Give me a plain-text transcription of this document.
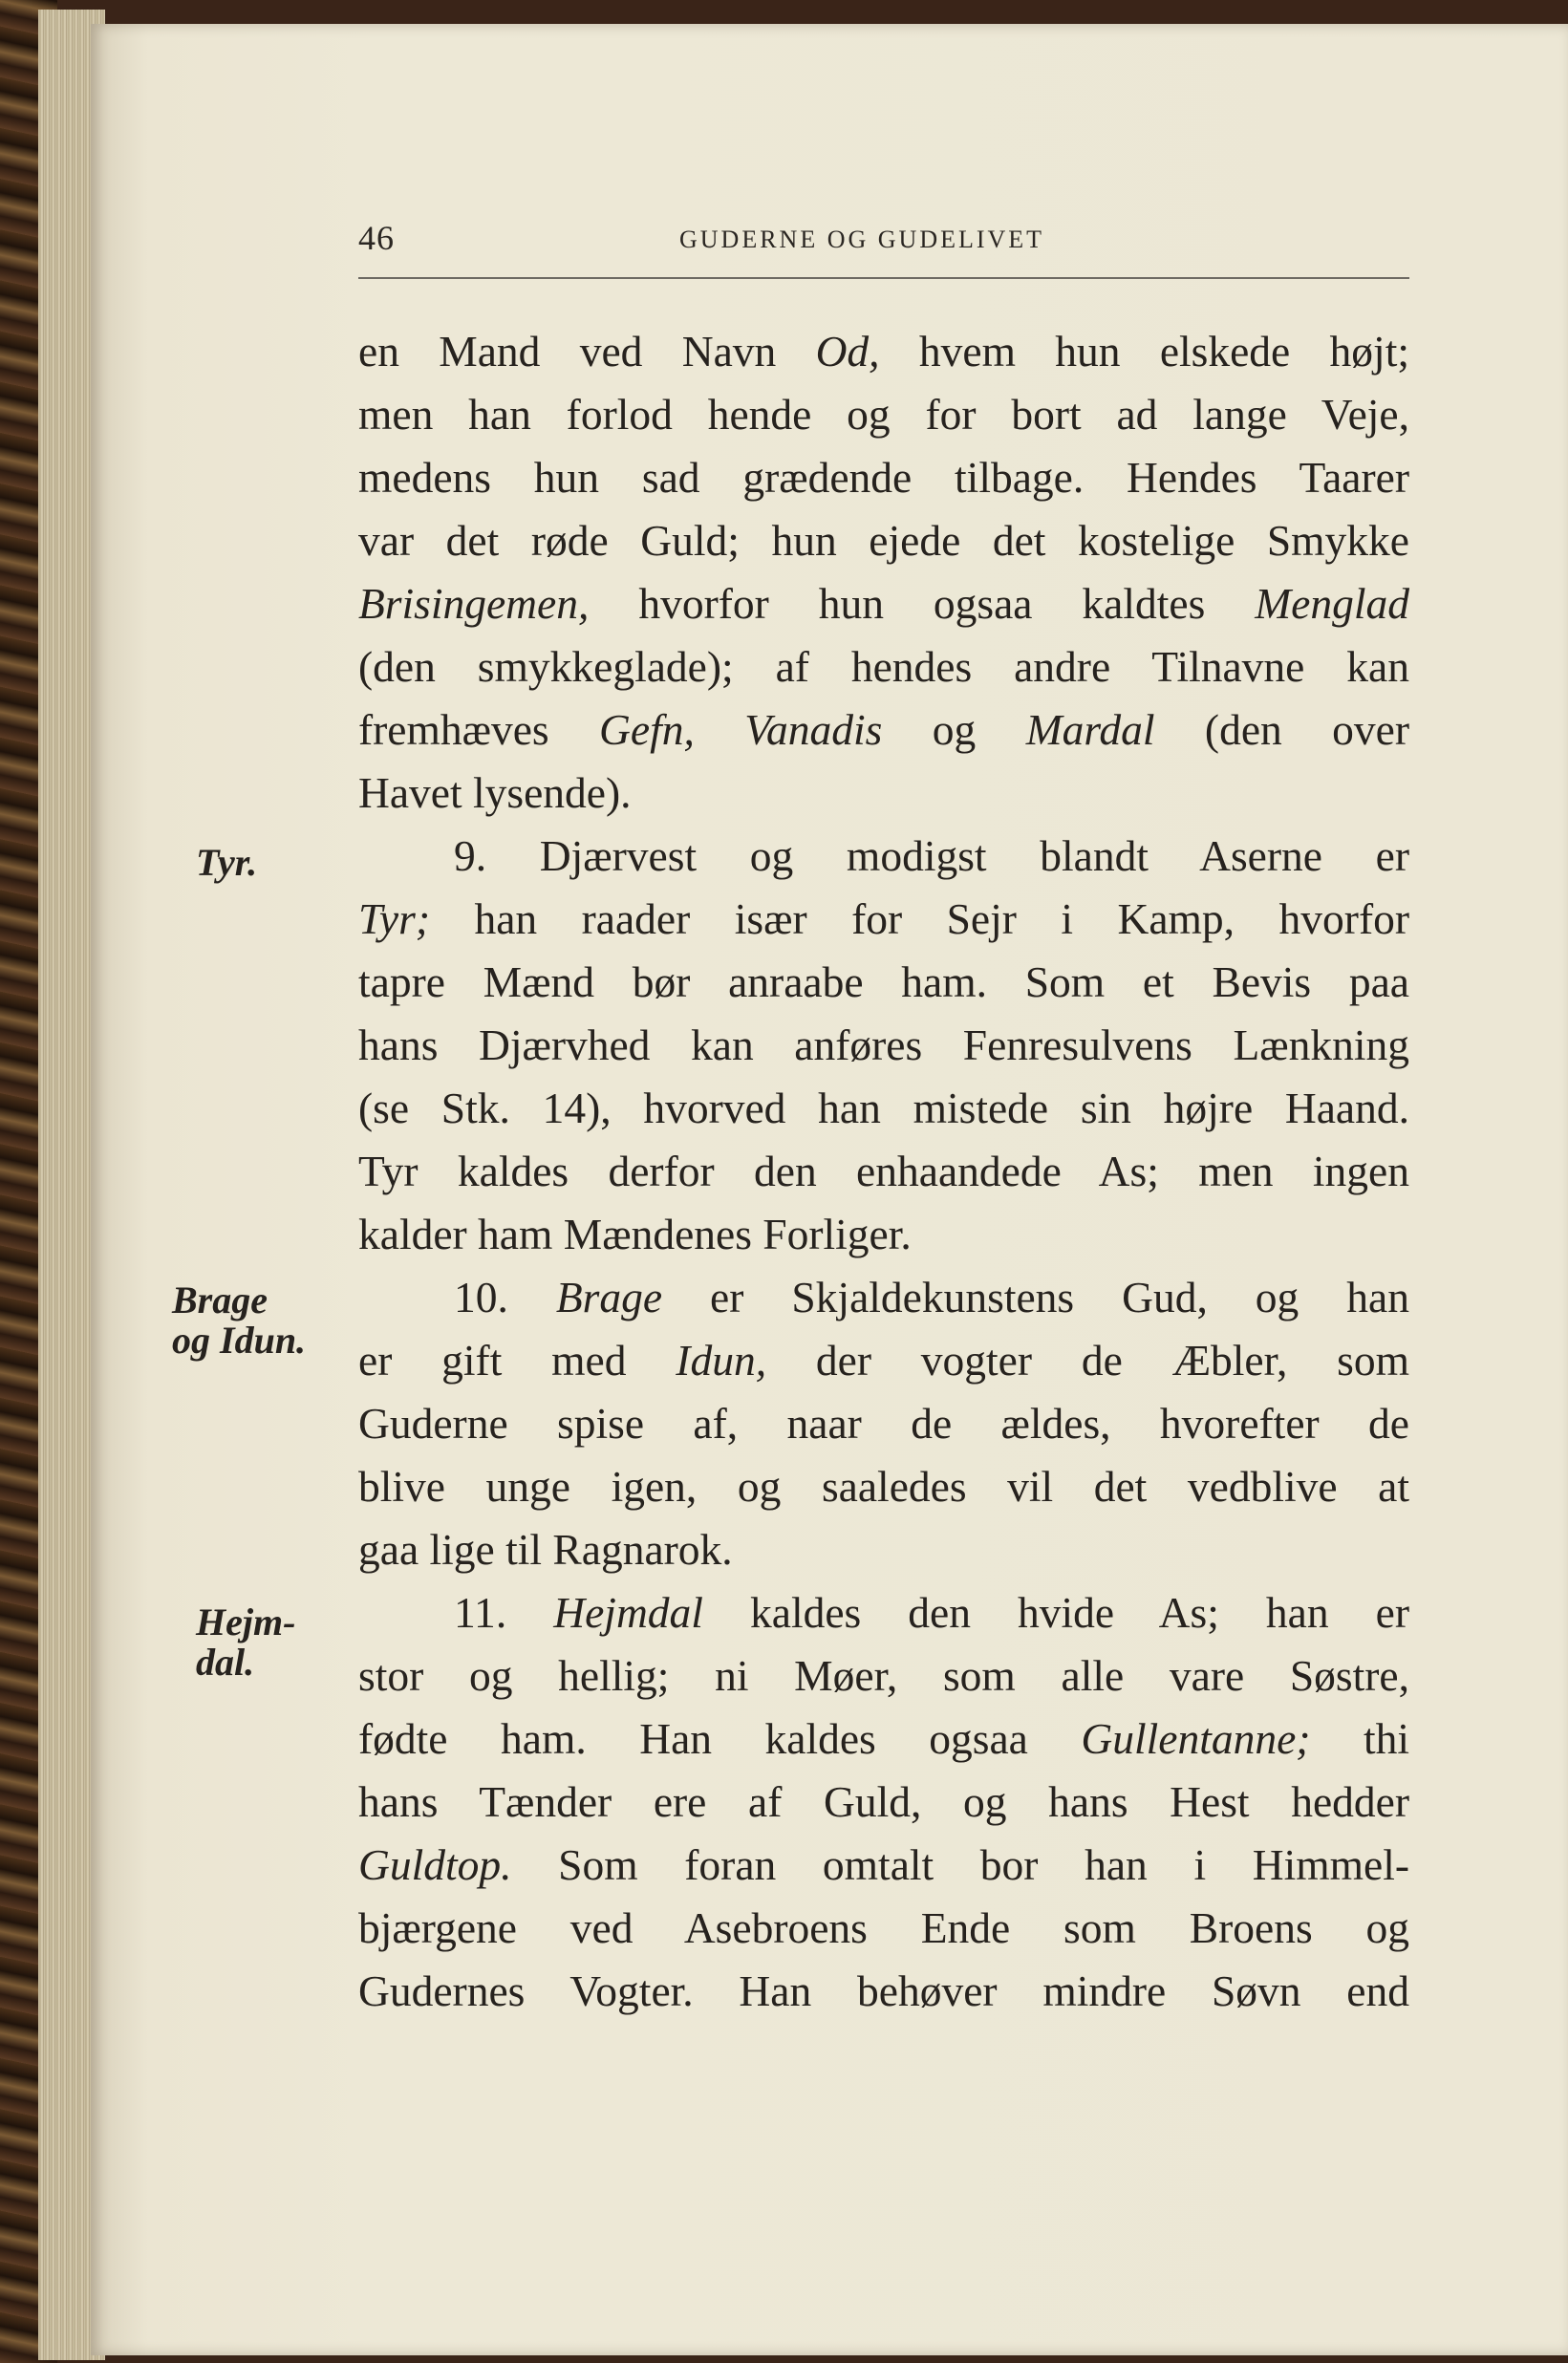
46	GUDERNE OG GUDELIVET
Tyr.
Brage
og Idun.
Hejm-
dal.
en Mand ved Navn Od, hvem hun elskede højt;
men han forlod hende og for bort ad lange Veje,
medens hun sad grædende tilbage. Hendes Taarer
var det røde Guld; hun ejede det kostelige Smykke
Brisingemen, hvorfor hun ogsaa kaldtes Menglad
(den smykkeglade); af hendes andre Tilnavne kan
fremhæves Gefn, Vanadis og Mardal (den over
Havet lysende).
9. Djærvest og modigst blandt Aserne er
Tyr; han raader især for Sejr i Kamp, hvorfor
tapre Mænd bør anraabe ham. Som et Bevis paa
hans Djærvhed kan anføres Fenresulvens Lænkning
(se Stk. 14), hvorved han mistede sin højre Haand.
Tyr kaldes derfor den enhaandede As; men ingen
kalder ham Mændenes Forliger.
10. Brage er Skjaldekunstens Gud, og han
er gift med Idun, der vogter de Æbler, som
Guderne spise af, naar de ældes, hvorefter de
blive unge igen, og saaledes vil det vedblive at
gaa lige til Ragnarok.
11. Hejmdal kaldes den hvide As; han er
stor og hellig; ni Møer, som alle vare Søstre,
fødte ham. Han kaldes ogsaa Gullentanne; thi
hans Tænder ere af Guld, og hans Hest hedder
Guldtop. Som foran omtalt bor han i Himmel-
bjærgene ved Asebroens Ende som Broens og
Gudernes Vogter. Han behøver mindre Søvn end
